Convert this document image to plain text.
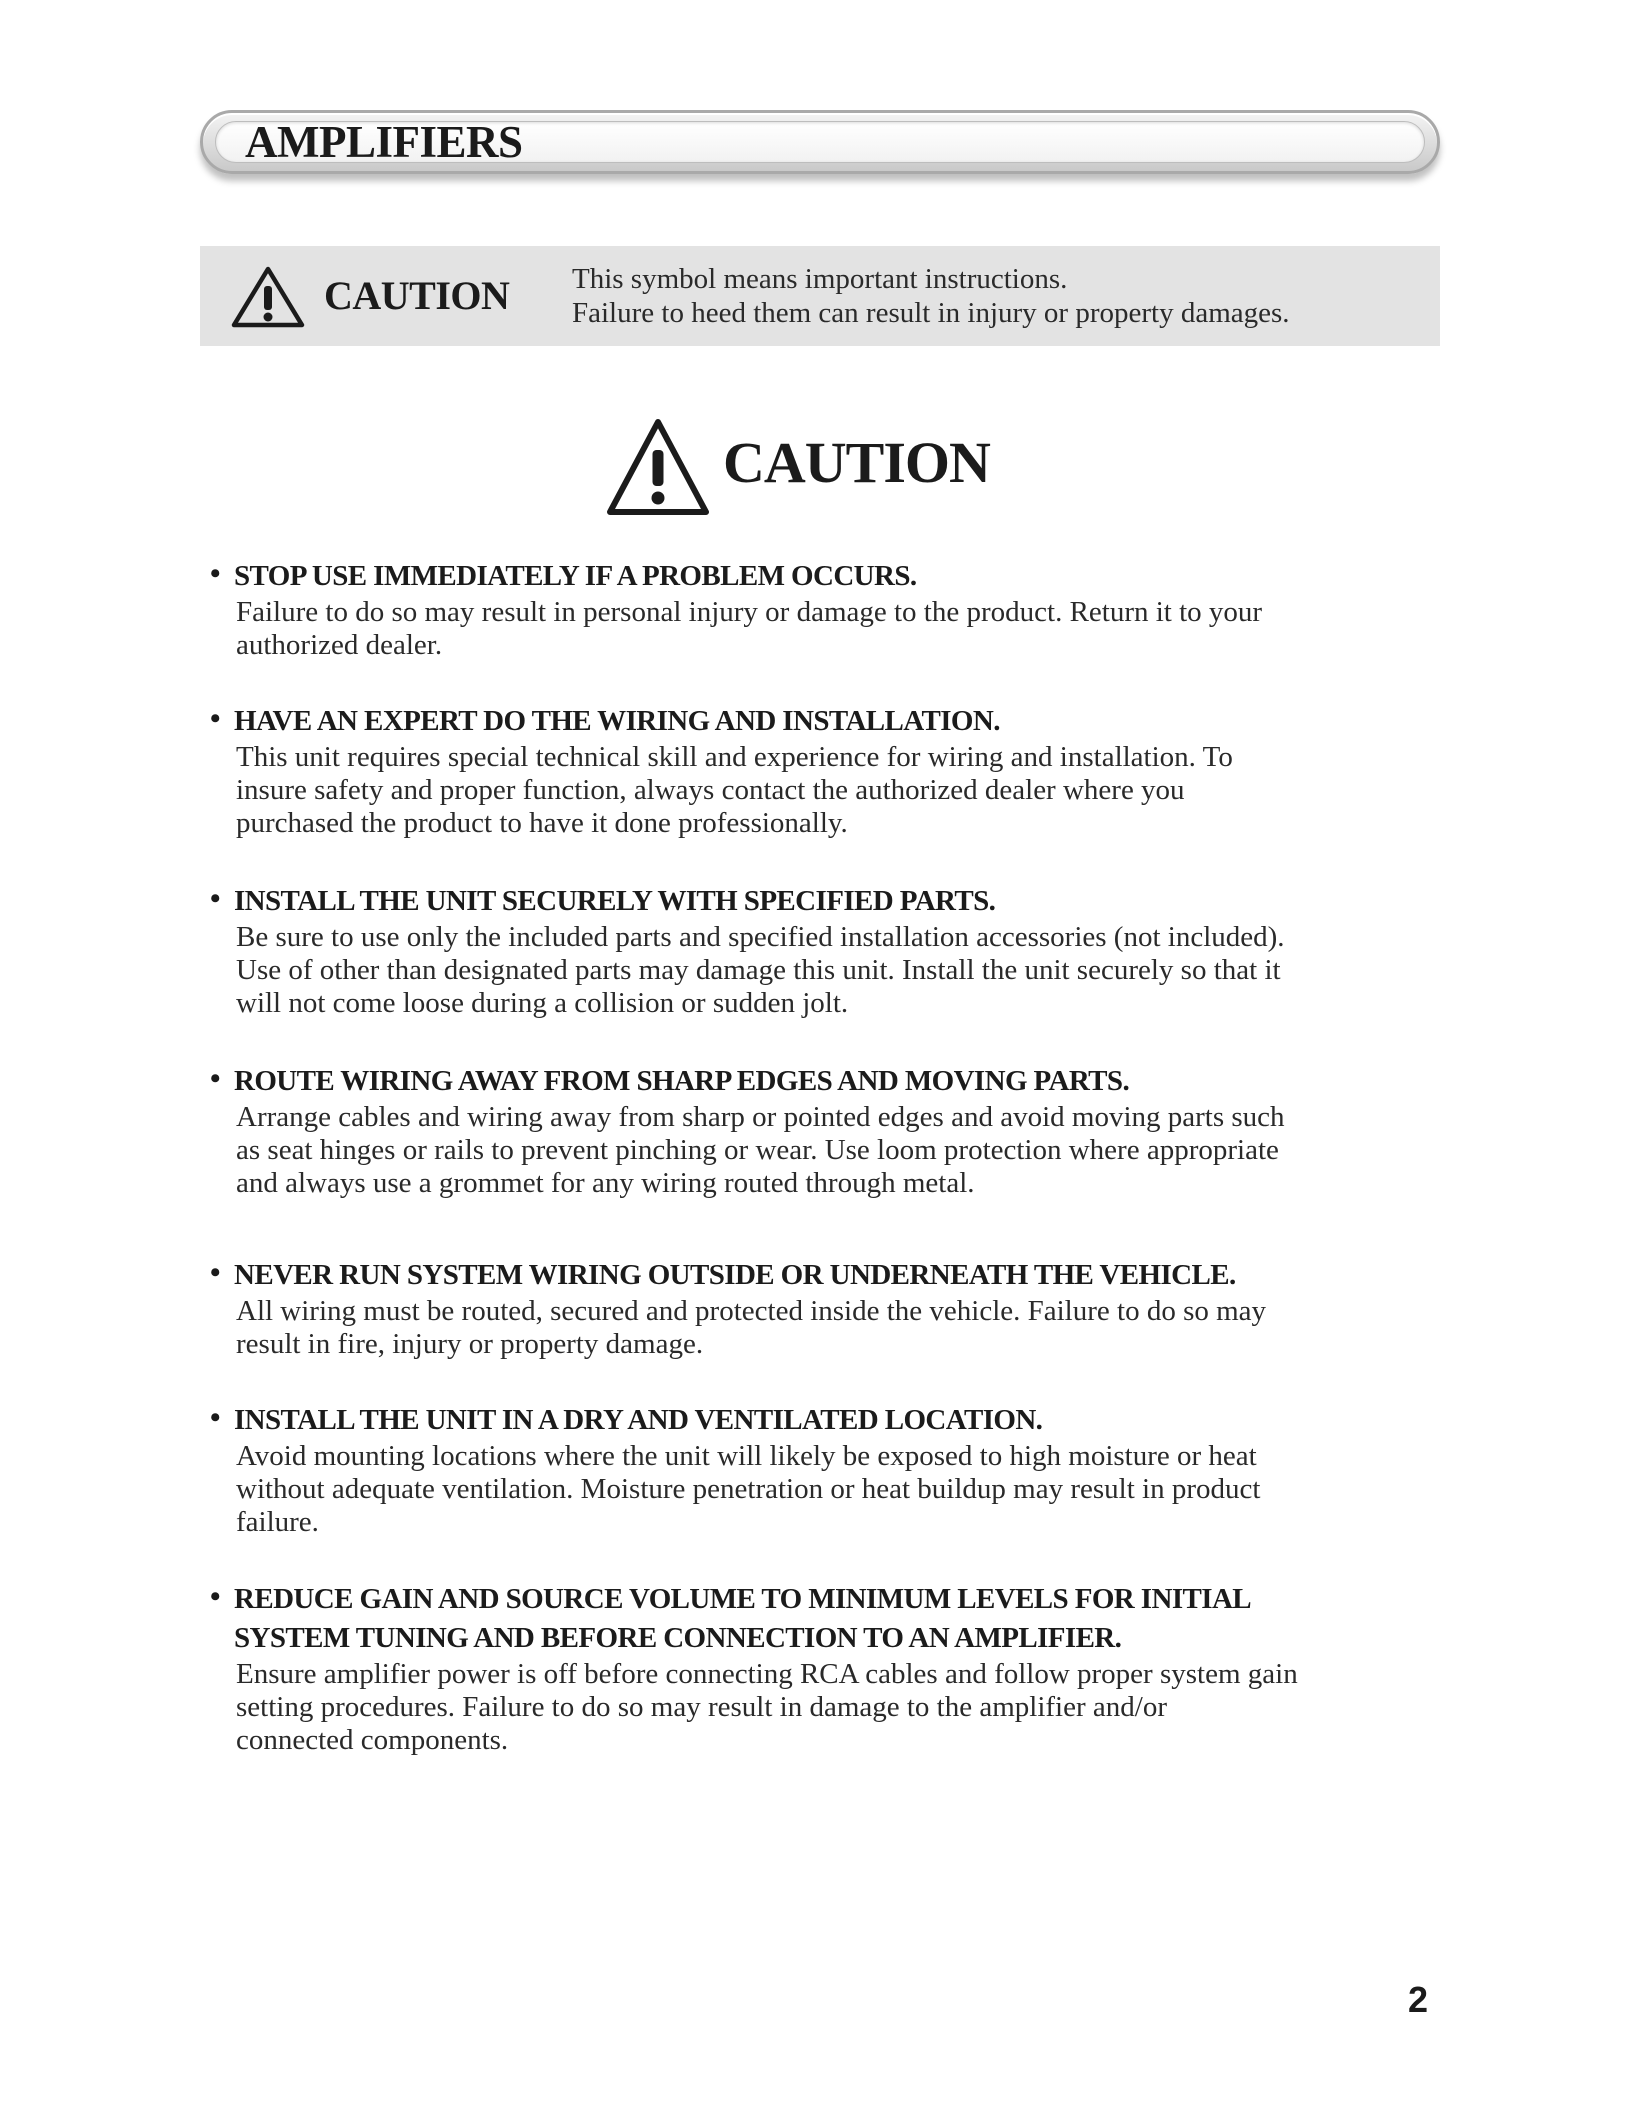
AMPLIFIERS
CAUTION This symbol means important instructions.
Failure to heed them can result in injury or property damages.
CAUTION
• STOP USE IMMEDIATELY IF A PROBLEM OCCURS.
Failure to do so may result in personal injury or damage to the product. Return it to your
authorized dealer.
• HAVE AN EXPERT DO THE WIRING AND INSTALLATION.
This unit requires special technical skill and experience for wiring and installation. To
insure safety and proper function, always contact the authorized dealer where you
purchased the product to have it done professionally.
• INSTALL THE UNIT SECURELY WITH SPECIFIED PARTS.
Be sure to use only the included parts and specified installation accessories (not included).
Use of other than designated parts may damage this unit. Install the unit securely so that it
will not come loose during a collision or sudden jolt.
• ROUTE WIRING AWAY FROM SHARP EDGES AND MOVING PARTS.
Arrange cables and wiring away from sharp or pointed edges and avoid moving parts such
as seat hinges or rails to prevent pinching or wear. Use loom protection where appropriate
and always use a grommet for any wiring routed through metal.
• NEVER RUN SYSTEM WIRING OUTSIDE OR UNDERNEATH THE VEHICLE.
All wiring must be routed, secured and protected inside the vehicle. Failure to do so may
result in fire, injury or property damage.
• INSTALL THE UNIT IN A DRY AND VENTILATED LOCATION.
Avoid mounting locations where the unit will likely be exposed to high moisture or heat
without adequate ventilation. Moisture penetration or heat buildup may result in product
failure.
• REDUCE GAIN AND SOURCE VOLUME TO MINIMUM LEVELS FOR INITIAL
SYSTEM TUNING AND BEFORE CONNECTION TO AN AMPLIFIER.
Ensure amplifier power is off before connecting RCA cables and follow proper system gain
setting procedures. Failure to do so may result in damage to the amplifier and/or
connected components.
2
